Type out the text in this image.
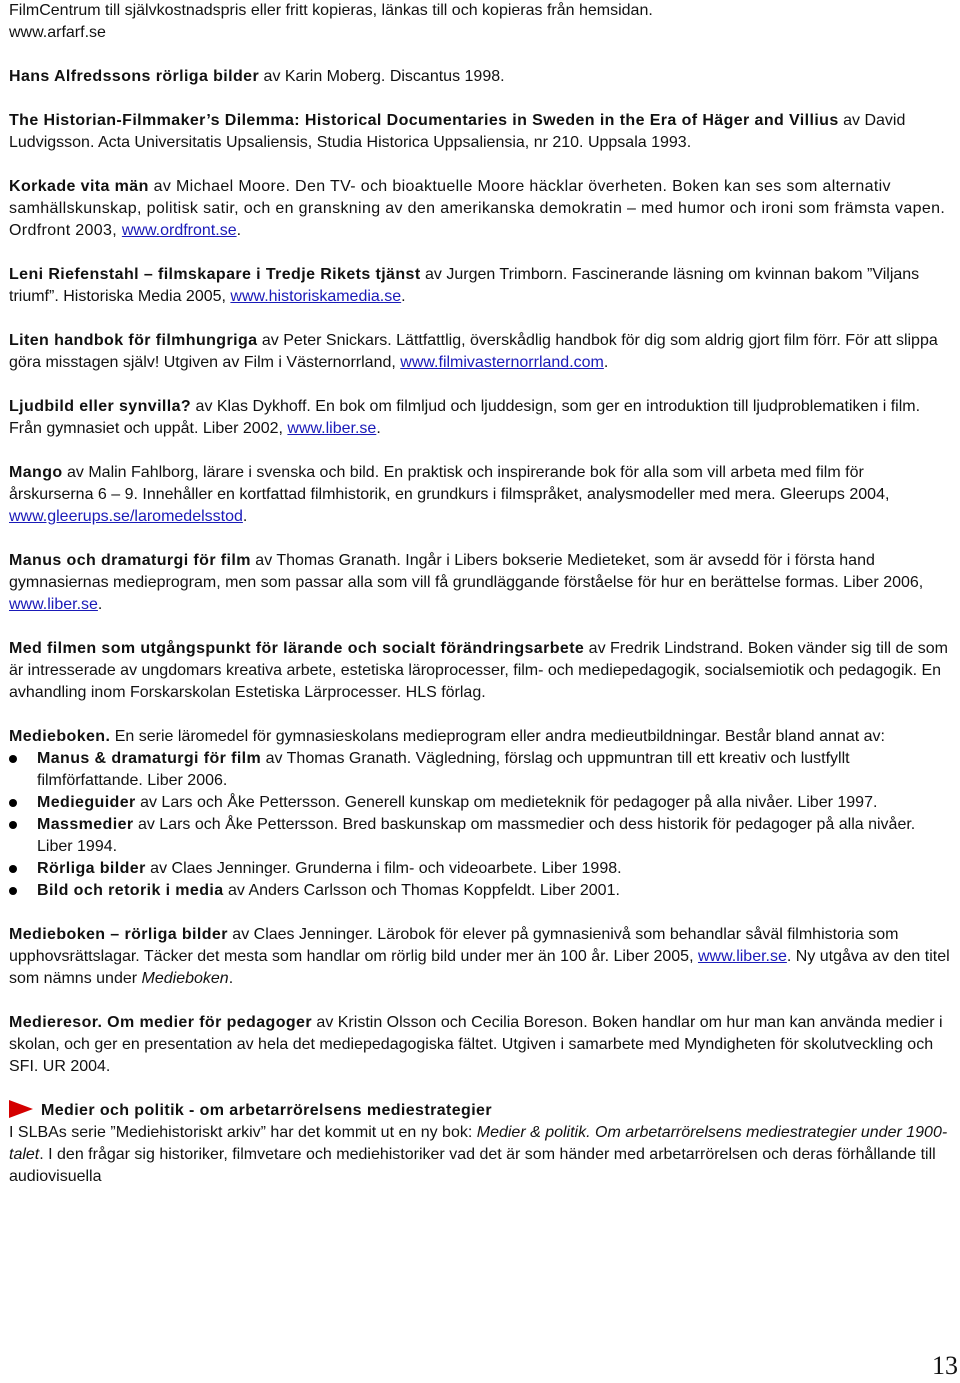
FilmCentrum till självkostnadspris eller fritt kopieras, länkas till och kopieras från hemsidan.
www.arfarf.se
Hans Alfredssons rörliga bilder av Karin Moberg. Discantus 1998.
The Historian-Filmmaker’s Dilemma: Historical Documentaries in Sweden in the Era of Häger and Villius av David Ludvigsson. Acta Universitatis Upsaliensis, Studia Historica Uppsaliensia, nr 210. Uppsala 1993.
Korkade vita män av Michael Moore. Den TV- och bioaktuelle Moore häcklar överheten. Boken kan ses som alternativ samhällskunskap, politisk satir, och en granskning av den amerikanska demokratin – med humor och ironi som främsta vapen. Ordfront 2003, www.ordfront.se.
Leni Riefenstahl – filmskapare i Tredje Rikets tjänst av Jurgen Trimborn. Fascinerande läsning om kvinnan bakom ”Viljans triumf”. Historiska Media 2005, www.historiskamedia.se.
Liten handbok för filmhungriga av Peter Snickars. Lättfattlig, överskådlig handbok för dig som aldrig gjort film förr. För att slippa göra misstagen själv! Utgiven av Film i Västernorrland, www.filmivasternorrland.com.
Ljudbild eller synvilla? av Klas Dykhoff. En bok om filmljud och ljuddesign, som ger en introduktion till ljudproblematiken i film. Från gymnasiet och uppåt. Liber 2002, www.liber.se.
Mango av Malin Fahlborg, lärare i svenska och bild. En praktisk och inspirerande bok för alla som vill arbeta med film för årskurserna 6 – 9. Innehåller en kortfattad filmhistorik, en grundkurs i filmspråket, analysmodeller med mera. Gleerups 2004, www.gleerups.se/laromedelsstod.
Manus och dramaturgi för film av Thomas Granath. Ingår i Libers bokserie Medieteket, som är avsedd för i första hand gymnasiernas medieprogram, men som passar alla som vill få grundläggande förståelse för hur en berättelse formas. Liber 2006, www.liber.se.
Med filmen som utgångspunkt för lärande och socialt förändringsarbete av Fredrik Lindstrand. Boken vänder sig till de som är intresserade av ungdomars kreativa arbete, estetiska läroprocesser, film- och mediepedagogik, socialsemiotik och pedagogik. En avhandling inom Forskarskolan Estetiska Lärprocesser. HLS förlag.
Medieboken. En serie läromedel för gymnasieskolans medieprogram eller andra medieutbildningar. Består bland annat av:
Manus & dramaturgi för film av Thomas Granath. Vägledning, förslag och uppmuntran till ett kreativ och lustfyllt filmförfattande. Liber 2006.
Medieguider av Lars och Åke Pettersson. Generell kunskap om medieteknik för pedagoger på alla nivåer. Liber 1997.
Massmedier av Lars och Åke Pettersson. Bred baskunskap om massmedier och dess historik för pedagoger på alla nivåer. Liber 1994.
Rörliga bilder av Claes Jenninger. Grunderna i film- och videoarbete. Liber 1998.
Bild och retorik i media av Anders Carlsson och Thomas Koppfeldt. Liber 2001.
Medieboken – rörliga bilder av Claes Jenninger. Lärobok för elever på gymnasienivå som behandlar såväl filmhistoria som upphovsrättslagar. Täcker det mesta som handlar om rörlig bild under mer än 100 år. Liber 2005, www.liber.se. Ny utgåva av den titel som nämns under Medieboken.
Medieresor. Om medier för pedagoger av Kristin Olsson och Cecilia Boreson. Boken handlar om hur man kan använda medier i skolan, och ger en presentation av hela det mediepedagogiska fältet. Utgiven i samarbete med Myndigheten för skolutveckling och SFI. UR 2004.
Medier och politik - om arbetarrörelsens mediestrategier
I SLBAs serie ”Mediehistoriskt arkiv” har det kommit ut en ny bok: Medier & politik. Om arbetarrörelsens mediestrategier under 1900-talet. I den frågar sig historiker, filmvetare och mediehistoriker vad det är som händer med arbetarrörelsen och deras förhållande till audiovisuella
13
